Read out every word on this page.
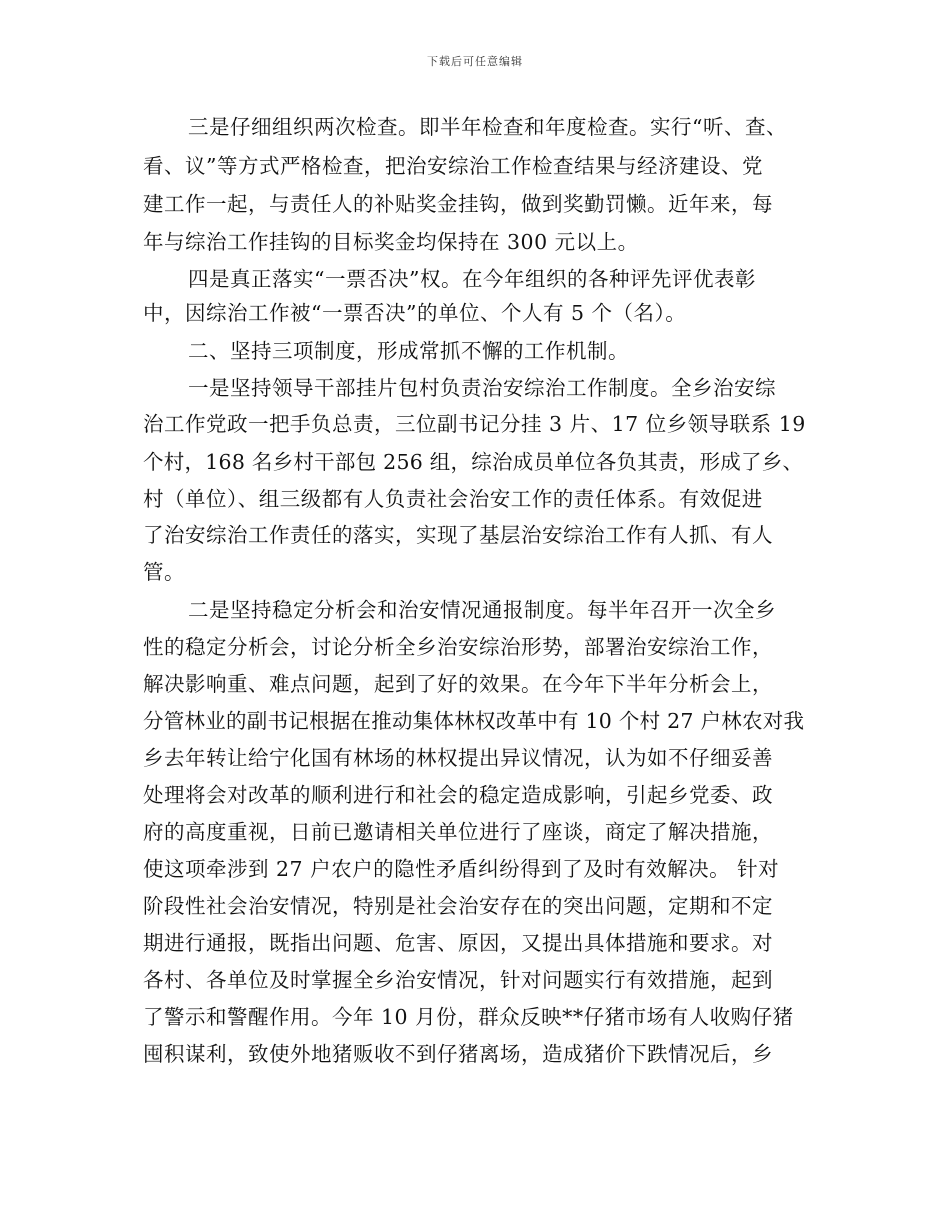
下载后可任意编辑
三是仔细组织两次检查。即半年检查和年度检查。实行“听、查、
看、议”等方式严格检查，把治安综治工作检查结果与经济建设、党
建工作一起，与责任人的补贴奖金挂钩，做到奖勤罚懒。近年来，每
年与综治工作挂钩的目标奖金均保持在 300 元以上。
四是真正落实“一票否决”权。在今年组织的各种评先评优表彰
中，因综治工作被“一票否决”的单位、个人有 5 个（名）。
二、坚持三项制度，形成常抓不懈的工作机制。
一是坚持领导干部挂片包村负责治安综治工作制度。全乡治安综
治工作党政一把手负总责，三位副书记分挂 3 片、17 位乡领导联系 19
个村，168 名乡村干部包 256 组，综治成员单位各负其责，形成了乡、
村（单位）、组三级都有人负责社会治安工作的责任体系。有效促进
了治安综治工作责任的落实，实现了基层治安综治工作有人抓、有人
管。
二是坚持稳定分析会和治安情况通报制度。每半年召开一次全乡
性的稳定分析会，讨论分析全乡治安综治形势，部署治安综治工作，
解决影响重、难点问题，起到了好的效果。在今年下半年分析会上，
分管林业的副书记根据在推动集体林权改革中有 10 个村 27 户林农对我
乡去年转让给宁化国有林场的林权提出异议情况，认为如不仔细妥善
处理将会对改革的顺利进行和社会的稳定造成影响，引起乡党委、政
府的高度重视，日前已邀请相关单位进行了座谈，商定了解决措施，
使这项牵涉到 27 户农户的隐性矛盾纠纷得到了及时有效解决。 针对
阶段性社会治安情况，特别是社会治安存在的突出问题，定期和不定
期进行通报，既指出问题、危害、原因，又提出具体措施和要求。对
各村、各单位及时掌握全乡治安情况，针对问题实行有效措施，起到
了警示和警醒作用。今年 10 月份，群众反映**仔猪市场有人收购仔猪
囤积谋利，致使外地猪贩收不到仔猪离场，造成猪价下跌情况后，乡
